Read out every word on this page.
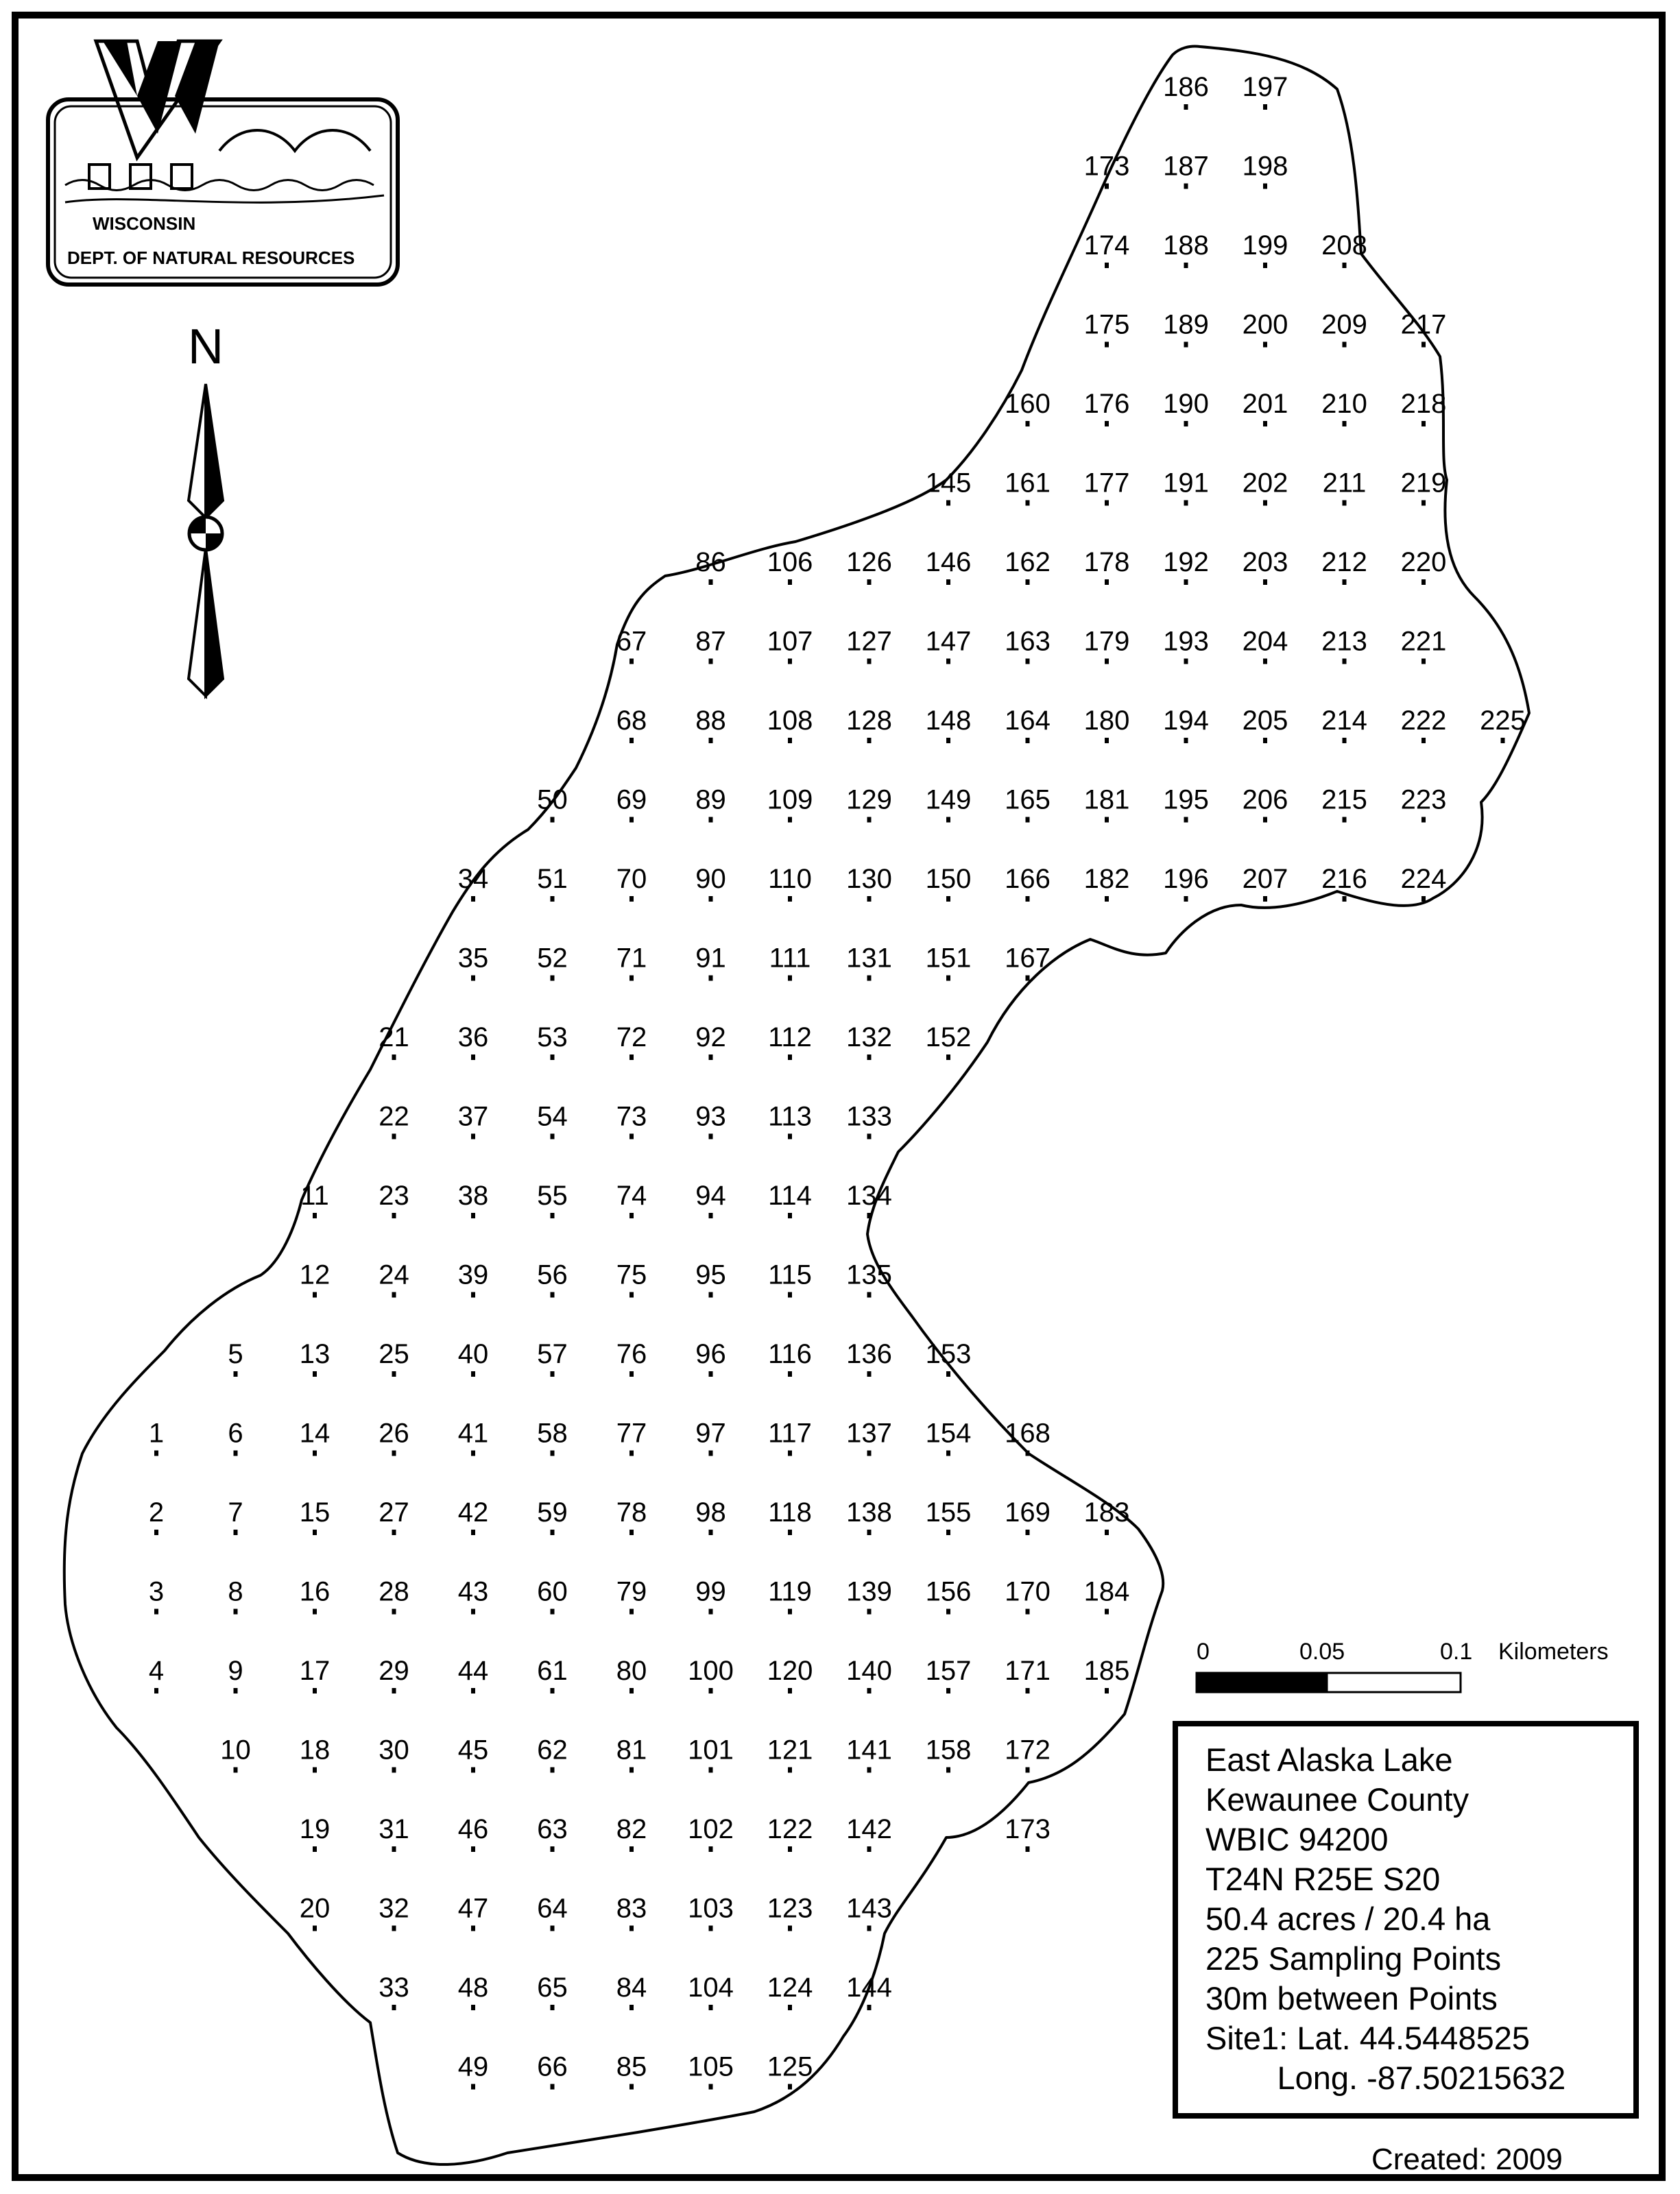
1
2
3
4
5
6
7
8
9
10
11
12
13
14
15
16
17
18
19
20
21
22
23
24
25
26
27
28
29
30
31
32
33
34
35
36
37
38
39
40
41
42
43
44
45
46
47
48
49
50
51
52
53
54
55
56
57
58
59
60
61
62
63
64
65
66
67
68
69
70
71
72
73
74
75
76
77
78
79
80
81
82
83
84
85
86
87
88
89
90
91
92
93
94
95
96
97
98
99
100
101
102
103
104
105
106
107
108
109
110
111
112
113
114
115
116
117
118
119
120
121
122
123
124
125
126
127
128
129
130
131
132
133
134
135
136
137
138
139
140
141
142
143
144
145
146
147
148
149
150
151
152
153
154
155
156
157
158
160
161
162
163
164
165
166
167
168
169
170
171
172
173
173
174
175
176
177
178
179
180
181
182
183
184
185
186
187
188
189
190
191
192
193
194
195
196
197
198
199
200
201
202
203
204
205
206
207
208
209
210
211
212
213
214
215
216
217
218
219
220
221
222
223
224
225
WISCONSIN
DEPT. OF NATURAL RESOURCES
N
0	0.05	0.1 Kilometers
East Alaska Lake
Kewaunee County
WBIC 94200
T24N R25E S20
50.4 acres / 20.4 ha
225 Sampling Points
30m between Points
Site1: Lat. 44.5448525
Long. -87.50215632
Created: 2009
